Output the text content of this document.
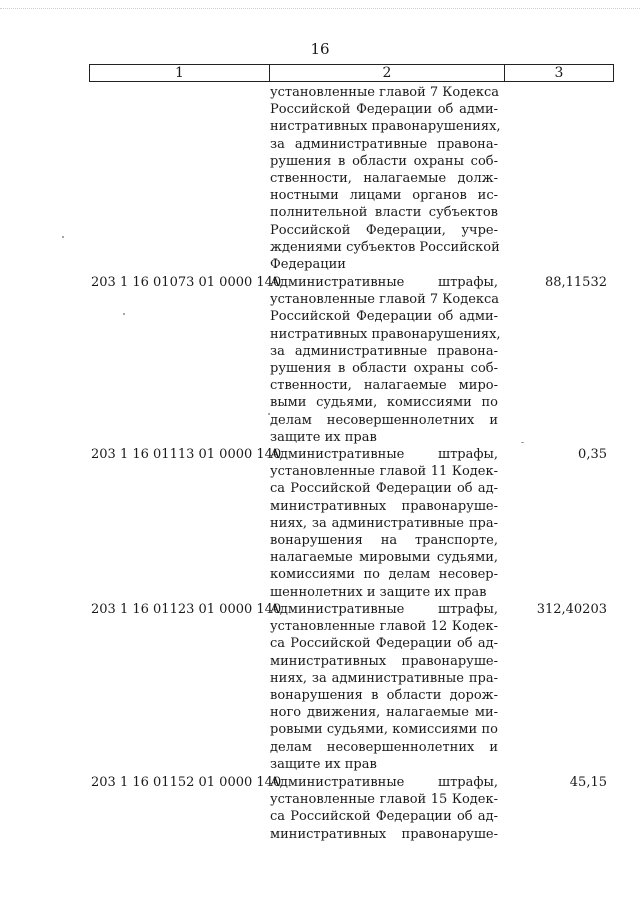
16
1	2	3
установленные главой 7 Кодекса
Российской Федерации об адми-
нистративных правонарушениях,
за административные правона-
рушения в области охраны соб-
ственности, налагаемые долж-
ностными лицами органов ис-
полнительной власти субъектов
Российской Федерации, учре-
ждениями субъектов Российской
Федерации
203 1 16 01073 01 0000 140
Административные штрафы,
установленные главой 7 Кодекса
Российской Федерации об адми-
нистративных правонарушениях,
за административные правона-
рушения в области охраны соб-
ственности, налагаемые миро-
выми судьями, комиссиями по
делам несовершеннолетних и
защите их прав
88,11532
203 1 16 01113 01 0000 140
Административные штрафы,
установленные главой 11 Кодек-
са Российской Федерации об ад-
министративных правонаруше-
ниях, за административные пра-
вонарушения на транспорте,
налагаемые мировыми судьями,
комиссиями по делам несовер-
шеннолетних и защите их прав
0,35
203 1 16 01123 01 0000 140
Административные штрафы,
установленные главой 12 Кодек-
са Российской Федерации об ад-
министративных правонаруше-
ниях, за административные пра-
вонарушения в области дорож-
ного движения, налагаемые ми-
ровыми судьями, комиссиями по
делам несовершеннолетних и
защите их прав
312,40203
203 1 16 01152 01 0000 140
Административные штрафы,
установленные главой 15 Кодек-
са Российской Федерации об ад-
министративных правонаруше-
45,15
